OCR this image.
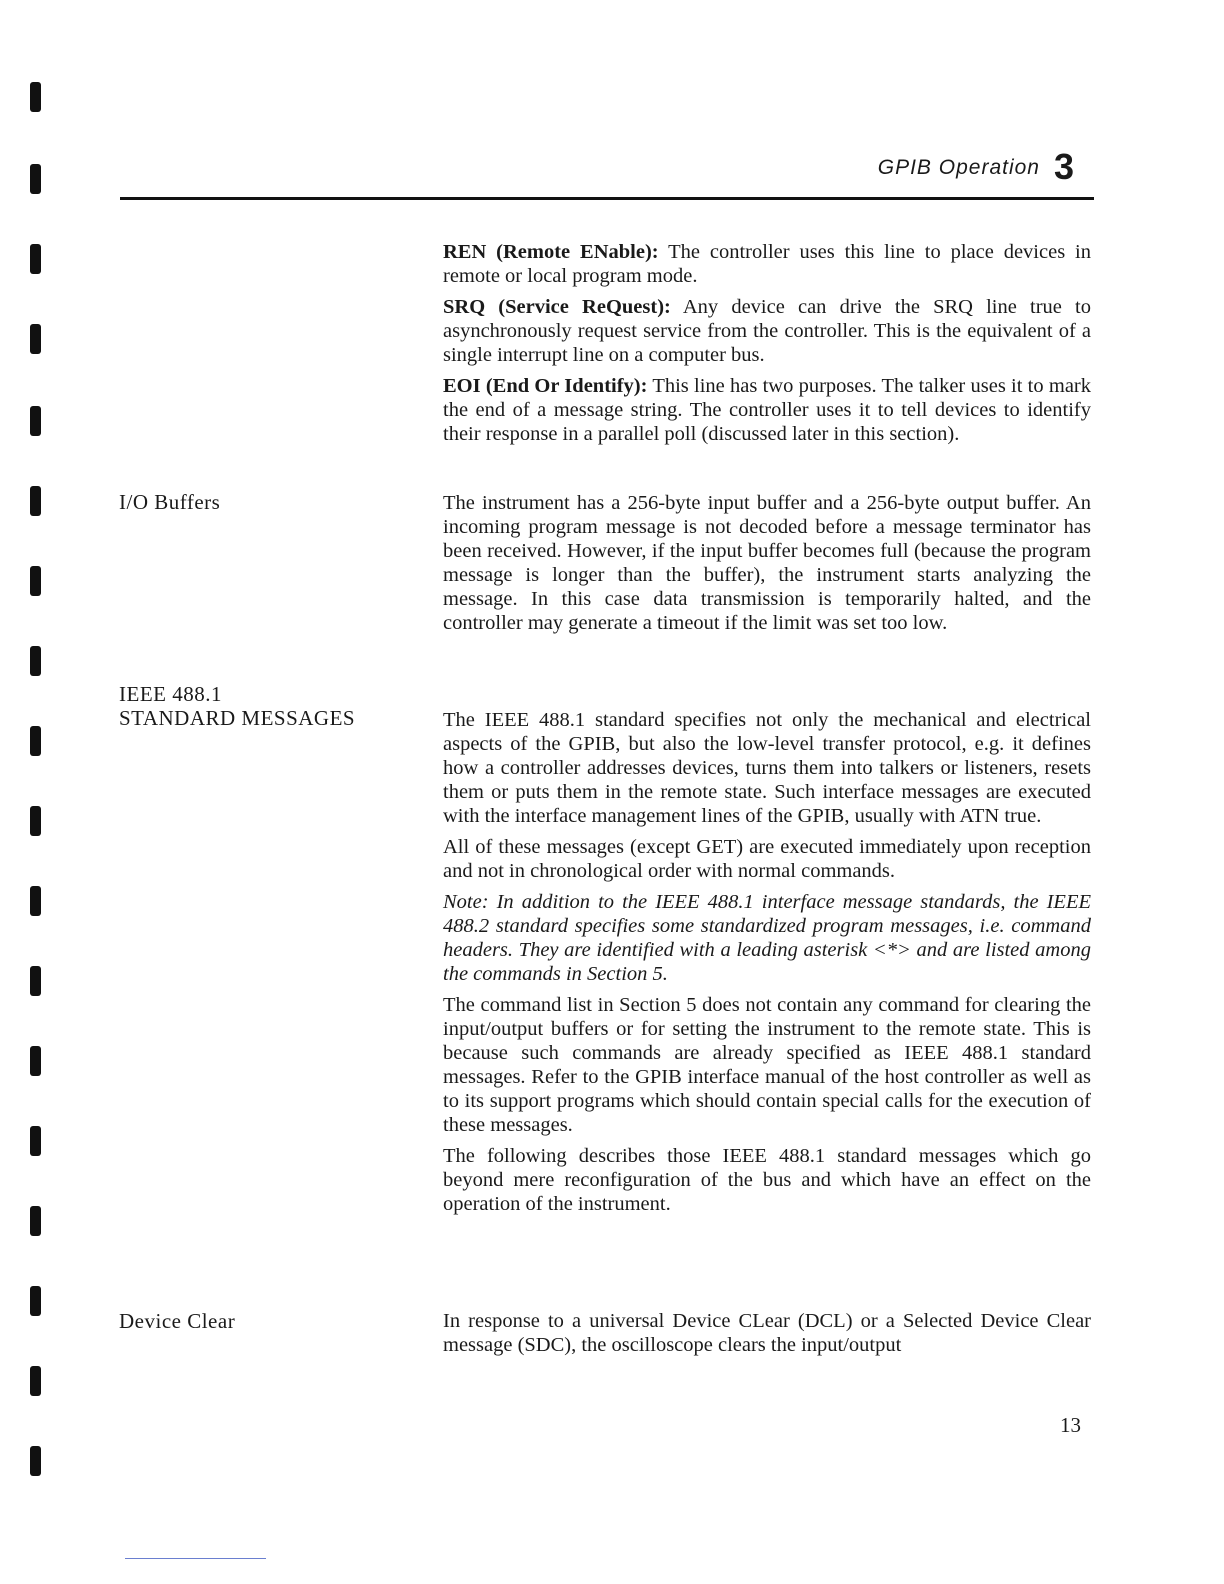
GPIB Operation 3

REN (Remote ENable): The controller uses this line to place devices in remote or local program mode.

SRQ (Service ReQuest): Any device can drive the SRQ line true to asynchronously request service from the controller. This is the equivalent of a single interrupt line on a computer bus.

EOI (End Or Identify): This line has two purposes. The talker uses it to mark the end of a message string. The controller uses it to tell devices to identify their response in a parallel poll (discussed later in this section).

I/O Buffers	The instrument has a 256-byte input buffer and a 256-byte output buffer. An incoming program message is not decoded before a message terminator has been received. However, if the input buffer becomes full (because the program message is longer than the buffer), the instrument starts analyzing the message. In this case data transmission is temporarily halted, and the controller may generate a timeout if the limit was set too low.

IEEE 488.1
STANDARD MESSAGES	The IEEE 488.1 standard specifies not only the mechanical and electrical aspects of the GPIB, but also the low-level transfer protocol, e.g. it defines how a controller addresses devices, turns them into talkers or listeners, resets them or puts them in the remote state. Such interface messages are executed with the interface management lines of the GPIB, usually with ATN true.

All of these messages (except GET) are executed immediately upon reception and not in chronological order with normal commands.

Note: In addition to the IEEE 488.1 interface message standards, the IEEE 488.2 standard specifies some standardized program messages, i.e. command headers. They are identified with a leading asterisk <*> and are listed among the commands in Section 5.

The command list in Section 5 does not contain any command for clearing the input/output buffers or for setting the instrument to the remote state. This is because such commands are already specified as IEEE 488.1 standard messages. Refer to the GPIB interface manual of the host controller as well as to its support programs which should contain special calls for the execution of these messages.

The following describes those IEEE 488.1 standard messages which go beyond mere reconfiguration of the bus and which have an effect on the operation of the instrument.

Device Clear	In response to a universal Device CLear (DCL) or a Selected Device Clear message (SDC), the oscilloscope clears the input/output

13
